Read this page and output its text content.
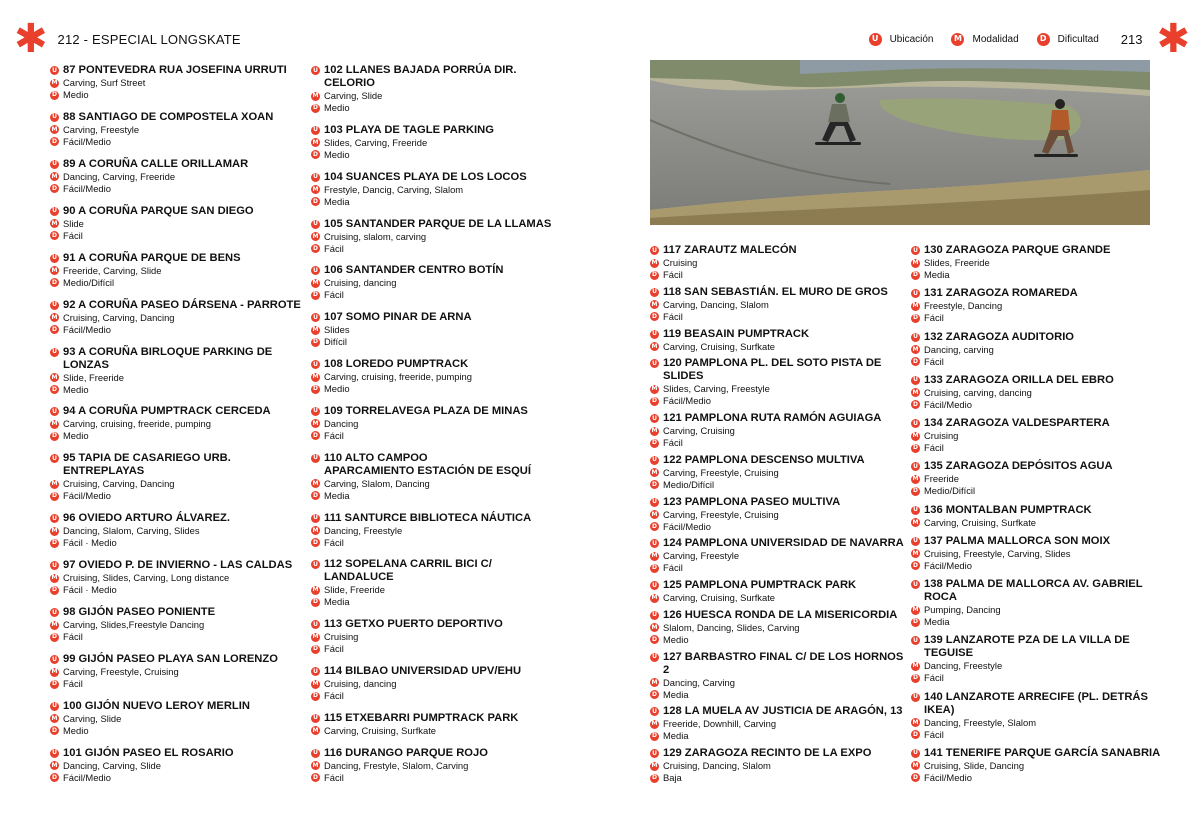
✱ 212 - ESPECIAL LONGSKATE	U	Ubicación	M Modalidad	D	Dificultad 213 ✱
U 87 PONTEVEDRA RUA JOSEFINA URRUTI
M Carving, Surf Street
D Medio
U 88 SANTIAGO DE COMPOSTELA XOAN
M Carving, Freestyle
D Fácil/Medio
U 89 A CORUÑA CALLE ORILLAMAR
M Dancing, Carving, Freeride
D Fácil/Medio
U 90 A CORUÑA PARQUE SAN DIEGO
M Slide
D Fácil
U 91 A CORUÑA PARQUE DE BENS
M Freeride, Carving, Slide
D Medio/Difícil
U 92 A CORUÑA PASEO DÁRSENA - PARROTE
M Cruising, Carving, Dancing
D Fácil/Medio
U 93 A CORUÑA BIRLOQUE PARKING DE LONZAS
M Slide, Freeride
D Medio
U 94 A CORUÑA PUMPTRACK CERCEDA
M Carving, cruising, freeride, pumping
D Medio
U 95 TAPIA DE CASARIEGO URB. ENTREPLAYAS
M Cruising, Carving, Dancing
D Fácil/Medio
U 96 OVIEDO ARTURO ÁLVAREZ.
M Dancing, Slalom, Carving, Slides
D Fácil · Medio
U 97 OVIEDO P. DE INVIERNO - LAS CALDAS
M Cruising, Slides, Carving, Long distance
D Fácil · Medio
U 98 GIJÓN PASEO PONIENTE
M Carving, Slides,Freestyle Dancing
D Fácil
U 99 GIJÓN PASEO PLAYA SAN LORENZO
M Carving, Freestyle, Cruising
D Fácil
U 100 GIJÓN NUEVO LEROY MERLIN
M Carving, Slide
D Medio
U 101 GIJÓN PASEO EL ROSARIO
M Dancing, Carving, Slide
D Fácil/Medio
U 102 LLANES BAJADA PORRÚA DIR. CELORIO
M Carving, Slide
D Medio
U 103 PLAYA DE TAGLE PARKING
M Slides, Carving, Freeride
D Medio
U 104 SUANCES PLAYA DE LOS LOCOS
M Frestyle, Dancig, Carving, Slalom
D Media
U 105 SANTANDER PARQUE DE LA LLAMAS
M Cruising, slalom, carving
D Fácil
U 106 SANTANDER CENTRO BOTÍN
M Cruising, dancing
D Fácil
U 107 SOMO PINAR DE ARNA
M Slides
D Difícil
U 108 LOREDO PUMPTRACK
M Carving, cruising, freeride, pumping
D Medio
U 109 TORRELAVEGA PLAZA DE MINAS
M Dancing
D Fácil
U 110 ALTO CAMPOO
APARCAMIENTO ESTACIÓN DE ESQUÍ
M Carving, Slalom, Dancing
D Media
U 111 SANTURCE BIBLIOTECA NÁUTICA
M Dancing, Freestyle
D Fácil
U 112 SOPELANA CARRIL BICI C/ LANDALUCE
M Slide, Freeride
D Media
U 113 GETXO PUERTO DEPORTIVO
M Cruising
D Fácil
U 114 BILBAO UNIVERSIDAD UPV/EHU
M Cruising, dancing
D Fácil
U 115 ETXEBARRI PUMPTRACK PARK
M Carving, Cruising, Surfkate
U 116 DURANGO PARQUE ROJO
M Dancing, Frestyle, Slalom, Carving
D Fácil
U 117 ZARAUTZ MALECÓN
M Cruising
D Fácil
U 118 SAN SEBASTIÁN. EL MURO DE GROS
M Carving, Dancing, Slalom
D Fácil
U 119 BEASAIN PUMPTRACK
M Carving, Cruising, Surfkate
U 120 PAMPLONA PL. DEL SOTO PISTA DE SLIDES
M Slides, Carving, Freestyle
D Fácil/Medio
U 121 PAMPLONA RUTA RAMÓN AGUIAGA
M Carving, Cruising
D Fácil
U 122 PAMPLONA DESCENSO MULTIVA
M Carving, Freestyle, Cruising
D Medio/Difícil
U 123 PAMPLONA PASEO MULTIVA
M Carving, Freestyle, Cruising
D Fácil/Medio
U 124 PAMPLONA UNIVERSIDAD DE NAVARRA
M Carving, Freestyle
D Fácil
U 125 PAMPLONA PUMPTRACK PARK
M Carving, Cruising, Surfkate
U 126 HUESCA RONDA DE LA MISERICORDIA
M Slalom, Dancing, Slides, Carving
D Medio
U 127 BARBASTRO FINAL C/ DE LOS HORNOS 2
M Dancing, Carving
D Media
U 128 LA MUELA AV JUSTICIA DE ARAGÓN, 13
M Freeride, Downhill, Carving
D Media
U 129 ZARAGOZA RECINTO DE LA EXPO
M Cruising, Dancing, Slalom
D Baja
U 130 ZARAGOZA PARQUE GRANDE
M Slides, Freeride
D Media
U 131 ZARAGOZA ROMAREDA
M Freestyle, Dancing
D Fácil
U 132 ZARAGOZA AUDITORIO
M Dancing, carving
D Fácil
U 133 ZARAGOZA ORILLA DEL EBRO
M Cruising, carving, dancing
D Fácil/Medio
U 134 ZARAGOZA VALDESPARTERA
M Cruising
D Fácil
U 135 ZARAGOZA DEPÓSITOS AGUA
M Freeride
D Medio/Difícil
U 136 MONTALBAN PUMPTRACK
M Carving, Cruising, Surfkate
U 137 PALMA MALLORCA SON MOIX
M Cruising, Freestyle, Carving, Slides
D Fácil/Medio
U 138 PALMA DE MALLORCA AV. GABRIEL ROCA
M Pumping, Dancing
D Media
U 139 LANZAROTE PZA DE LA VILLA DE TEGUISE
M Dancing, Freestyle
D Fácil
U 140 LANZAROTE ARRECIFE (PL. DETRÁS IKEA)
M Dancing, Freestyle, Slalom
D Fácil
U 141 TENERIFE PARQUE GARCÍA SANABRIA
M Cruising, Slide, Dancing
D Fácil/Medio
